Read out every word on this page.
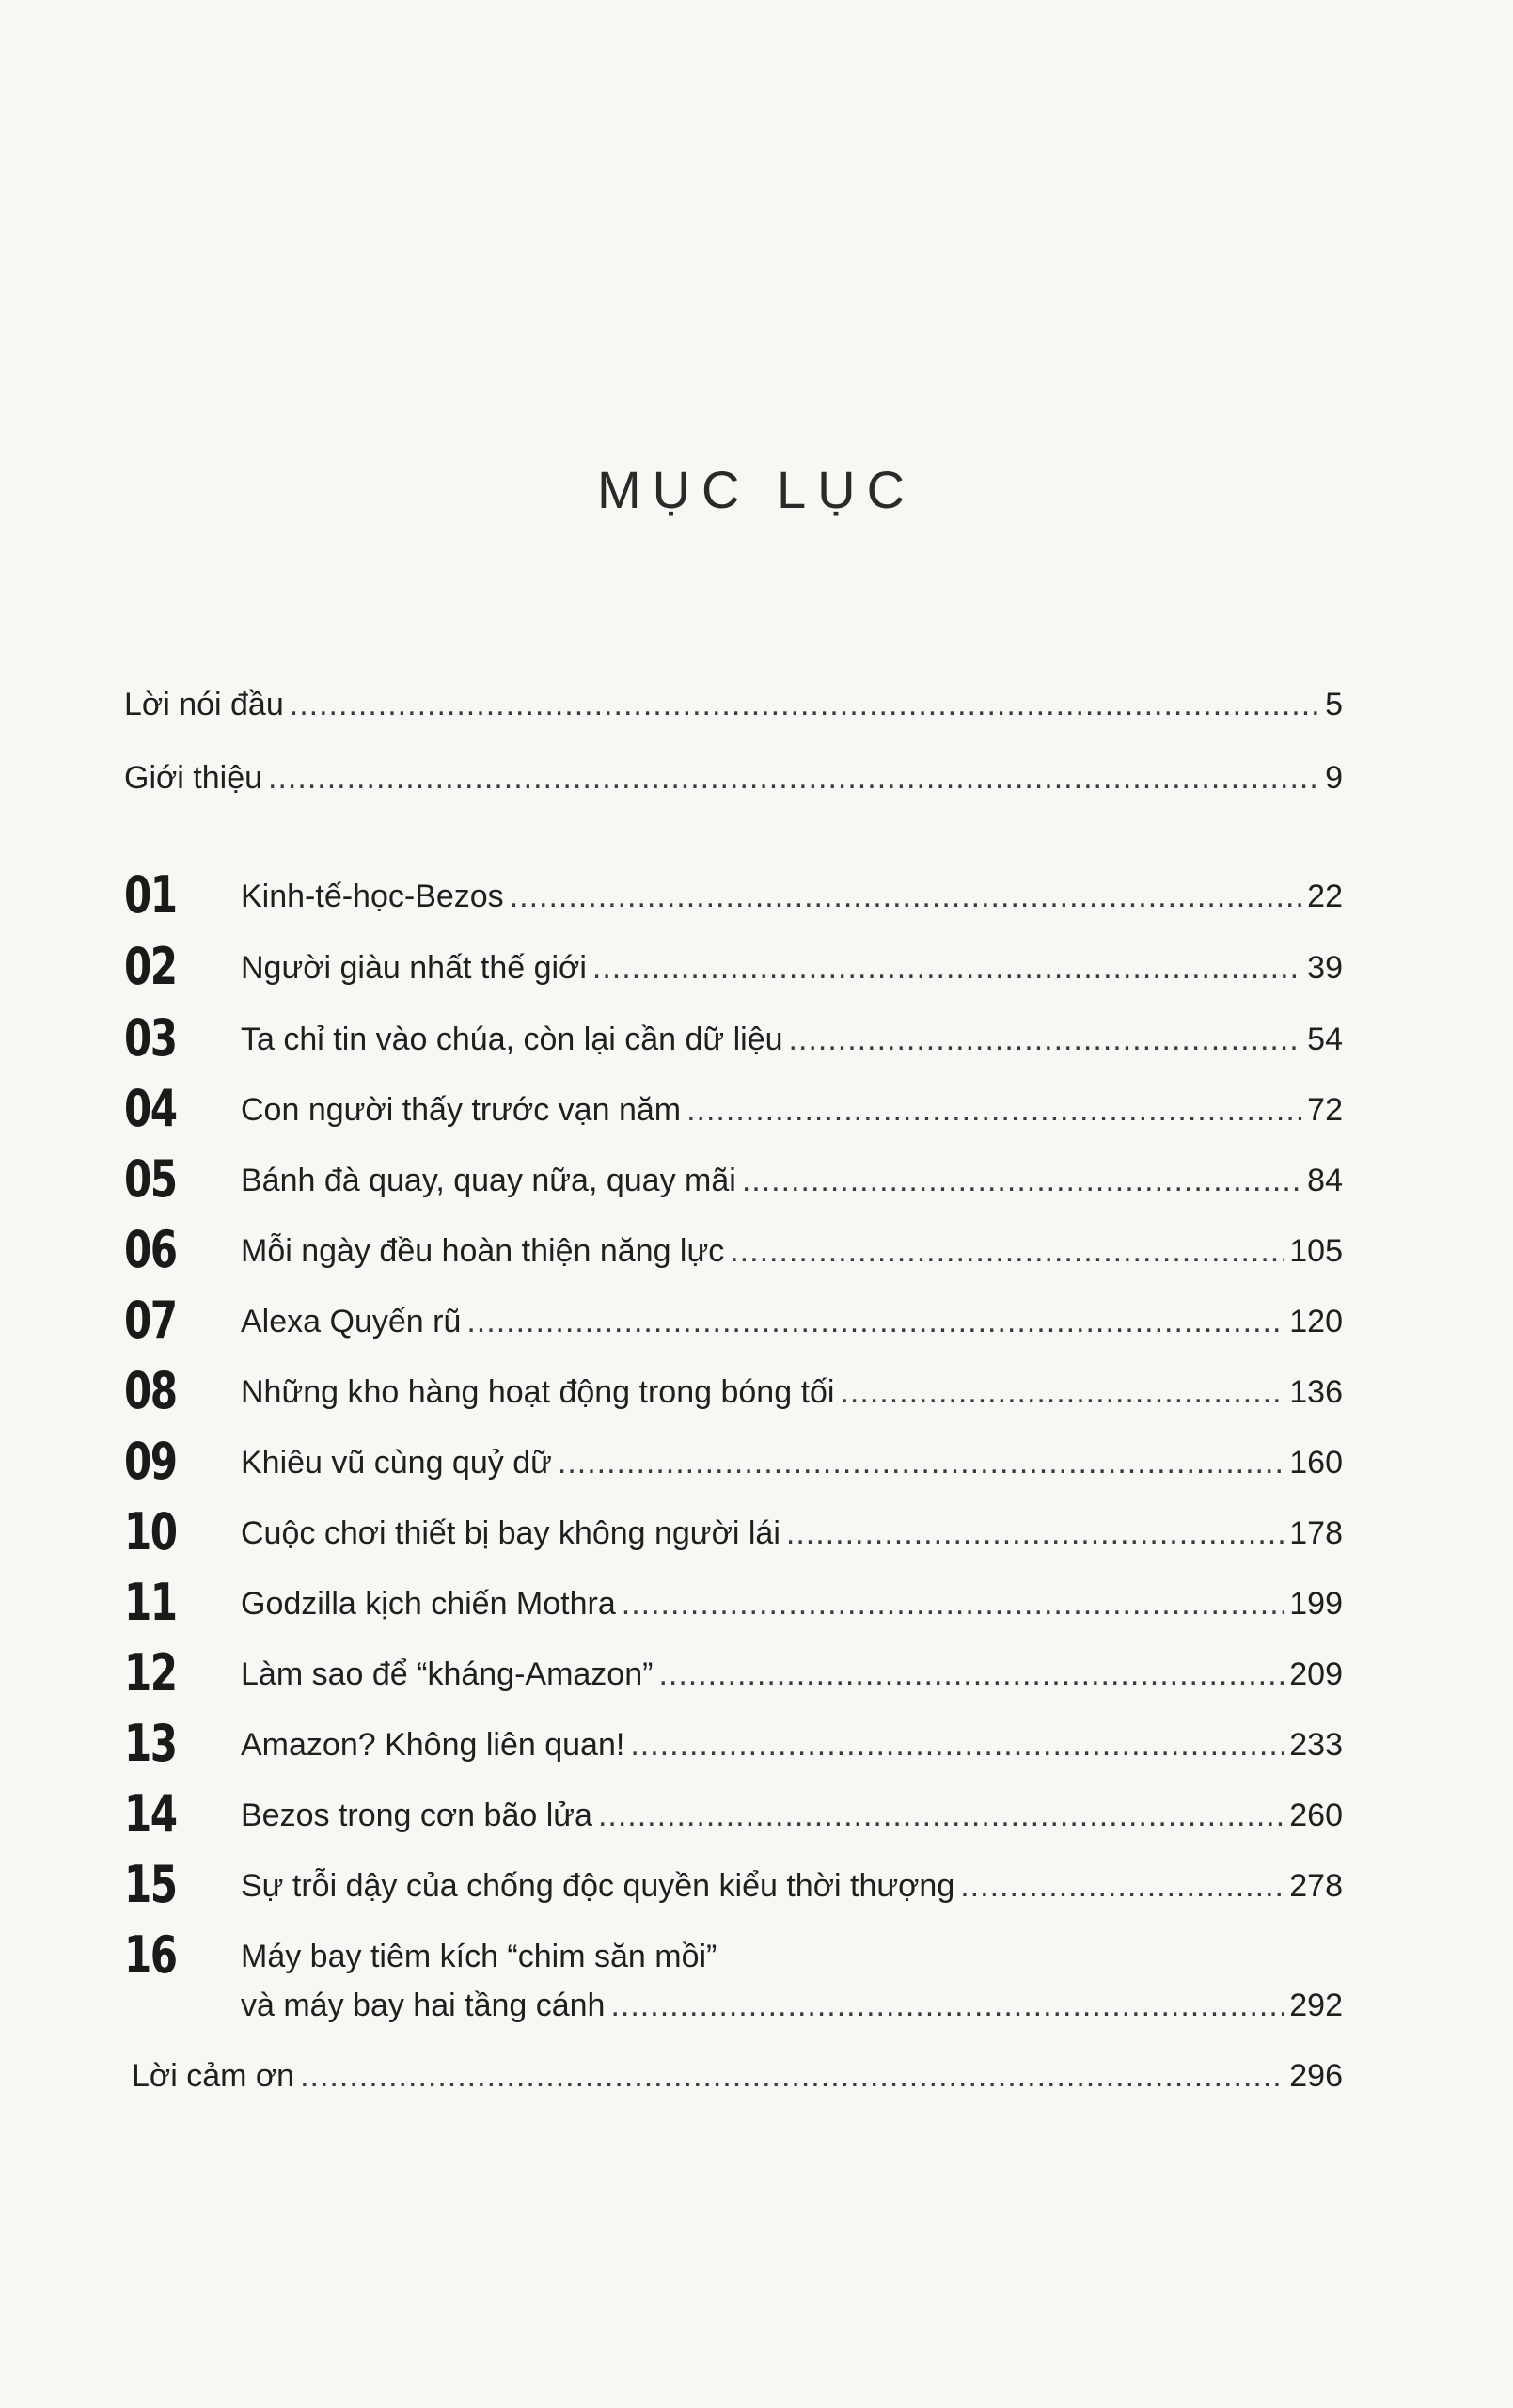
MỤC LỤC
Lời nói đầu .....	5
Giới thiệu .....	9
01	Kinh-tế-học-Bezos .....	22
02	Người giàu nhất thế giới .....	39
03	Ta chỉ tin vào chúa, còn lại cần dữ liệu .....	54
04	Con người thấy trước vạn năm .....	72
05	Bánh đà quay, quay nữa, quay mãi .....	84
06	Mỗi ngày đều hoàn thiện năng lực .....	105
07	Alexa Quyến rũ .....	120
08	Những kho hàng hoạt động trong bóng tối .....	136
09	Khiêu vũ cùng quỷ dữ .....	160
10	Cuộc chơi thiết bị bay không người lái .....	178
11	Godzilla kịch chiến Mothra .....	199
12	Làm sao để “kháng-Amazon” .....	209
13	Amazon? Không liên quan! .....	233
14	Bezos trong cơn bão lửa .....	260
15	Sự trỗi dậy của chống độc quyền kiểu thời thượng .....	278
16	Máy bay tiêm kích “chim săn mồi”
và máy bay hai tầng cánh .....	292
Lời cảm ơn .....	296
